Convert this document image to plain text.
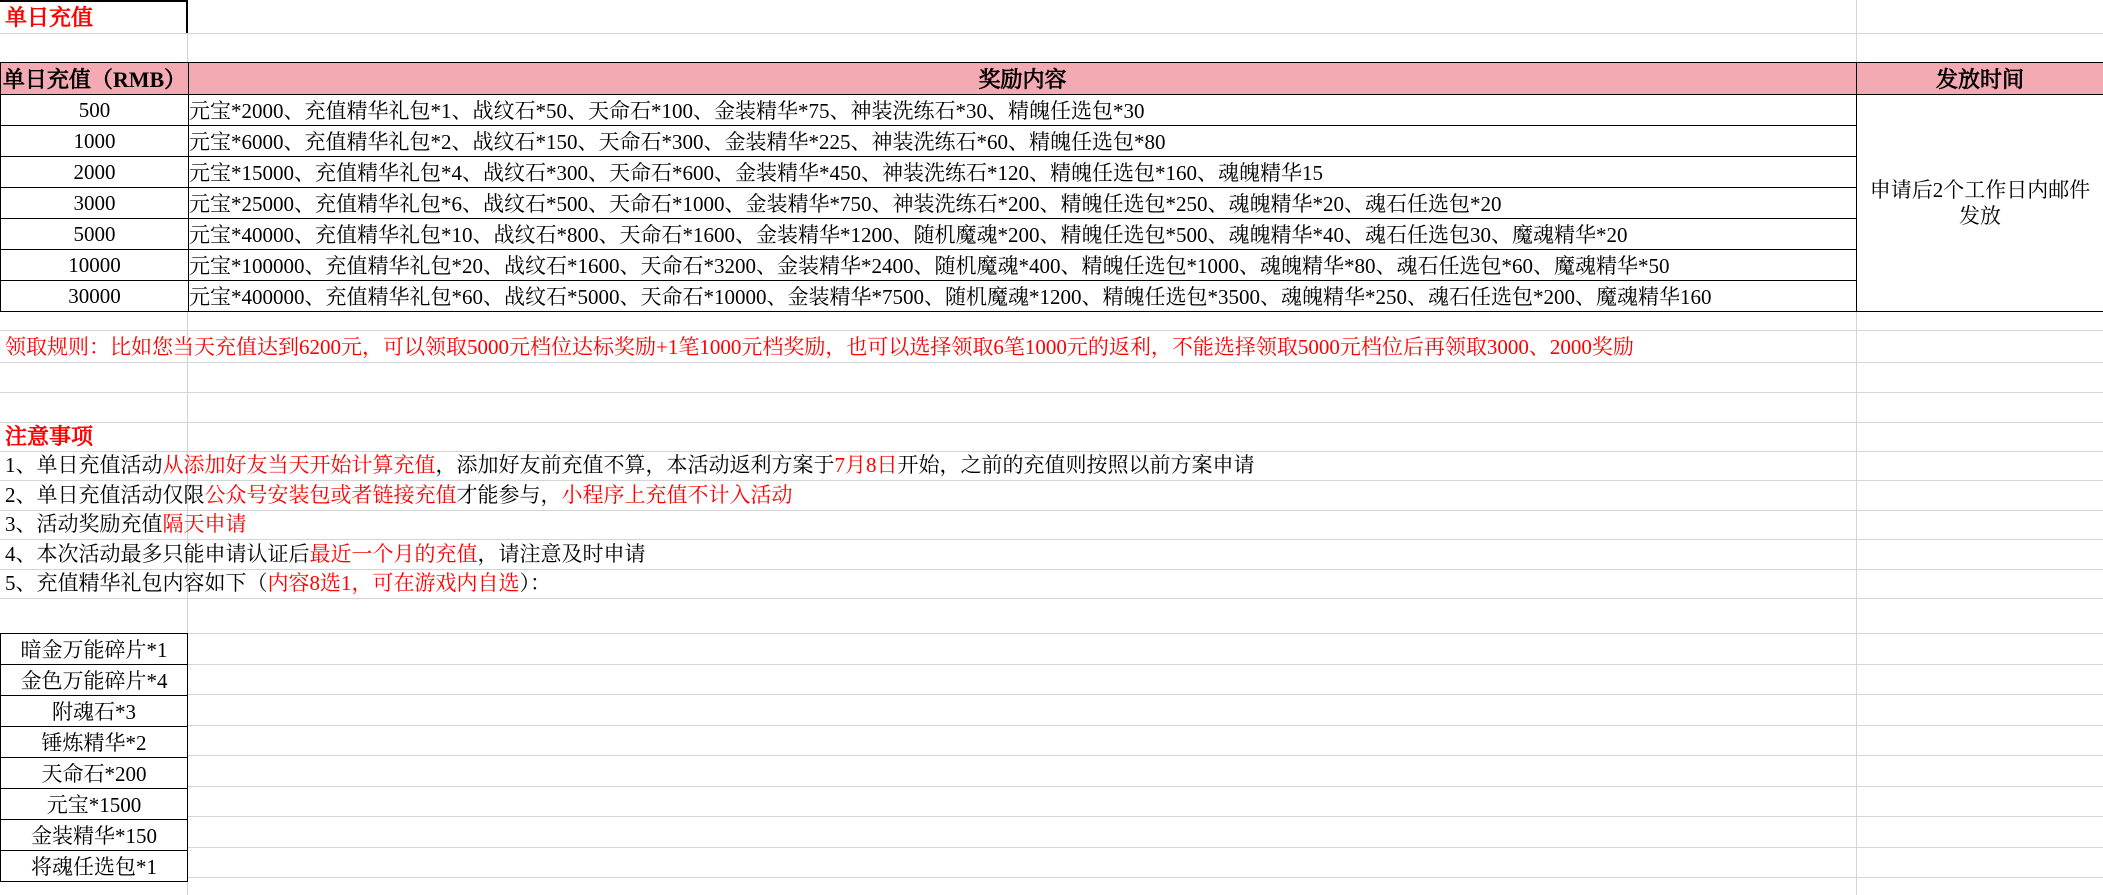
单日充值
单日充值（RMB）	奖励内容	发放时间
500	元宝*2000、充值精华礼包*1、战纹石*50、天命石*100、金装精华*75、神装洗练石*30、精魄任选包*30	申请后2个工作日内邮件发放

1000	元宝*6000、充值精华礼包*2、战纹石*150、天命石*300、金装精华*225、神装洗练石*60、精魄任选包*80	
2000	元宝*15000、充值精华礼包*4、战纹石*300、天命石*600、金装精华*450、神装洗练石*120、精魄任选包*160、魂魄精华15	
3000	元宝*25000、充值精华礼包*6、战纹石*500、天命石*1000、金装精华*750、神装洗练石*200、精魄任选包*250、魂魄精华*20、魂石任选包*20	
5000	元宝*40000、充值精华礼包*10、战纹石*800、天命石*1600、金装精华*1200、随机魔魂*200、精魄任选包*500、魂魄精华*40、魂石任选包30、魔魂精华*20	
10000	元宝*100000、充值精华礼包*20、战纹石*1600、天命石*3200、金装精华*2400、随机魔魂*400、精魄任选包*1000、魂魄精华*80、魂石任选包*60、魔魂精华*50	
30000	元宝*400000、充值精华礼包*60、战纹石*5000、天命石*10000、金装精华*7500、随机魔魂*1200、精魄任选包*3500、魂魄精华*250、魂石任选包*200、魔魂精华160	
领取规则：比如您当天充值达到6200元，可以领取5000元档位达标奖励+1笔1000元档奖励，也可以选择领取6笔1000元的返利，不能选择领取5000元档位后再领取3000、2000奖励
注意事项
1、单日充值活动从添加好友当天开始计算充值，添加好友前充值不算，本活动返利方案于7月8日开始，之前的充值则按照以前方案申请
2、单日充值活动仅限公众号安装包或者链接充值才能参与，小程序上充值不计入活动
3、活动奖励充值隔天申请
4、本次活动最多只能申请认证后最近一个月的充值，请注意及时申请
5、充值精华礼包内容如下（内容8选1，可在游戏内自选）：
暗金万能碎片*1
金色万能碎片*4
附魂石*3
锤炼精华*2
天命石*200
元宝*1500
金装精华*150
将魂任选包*1
